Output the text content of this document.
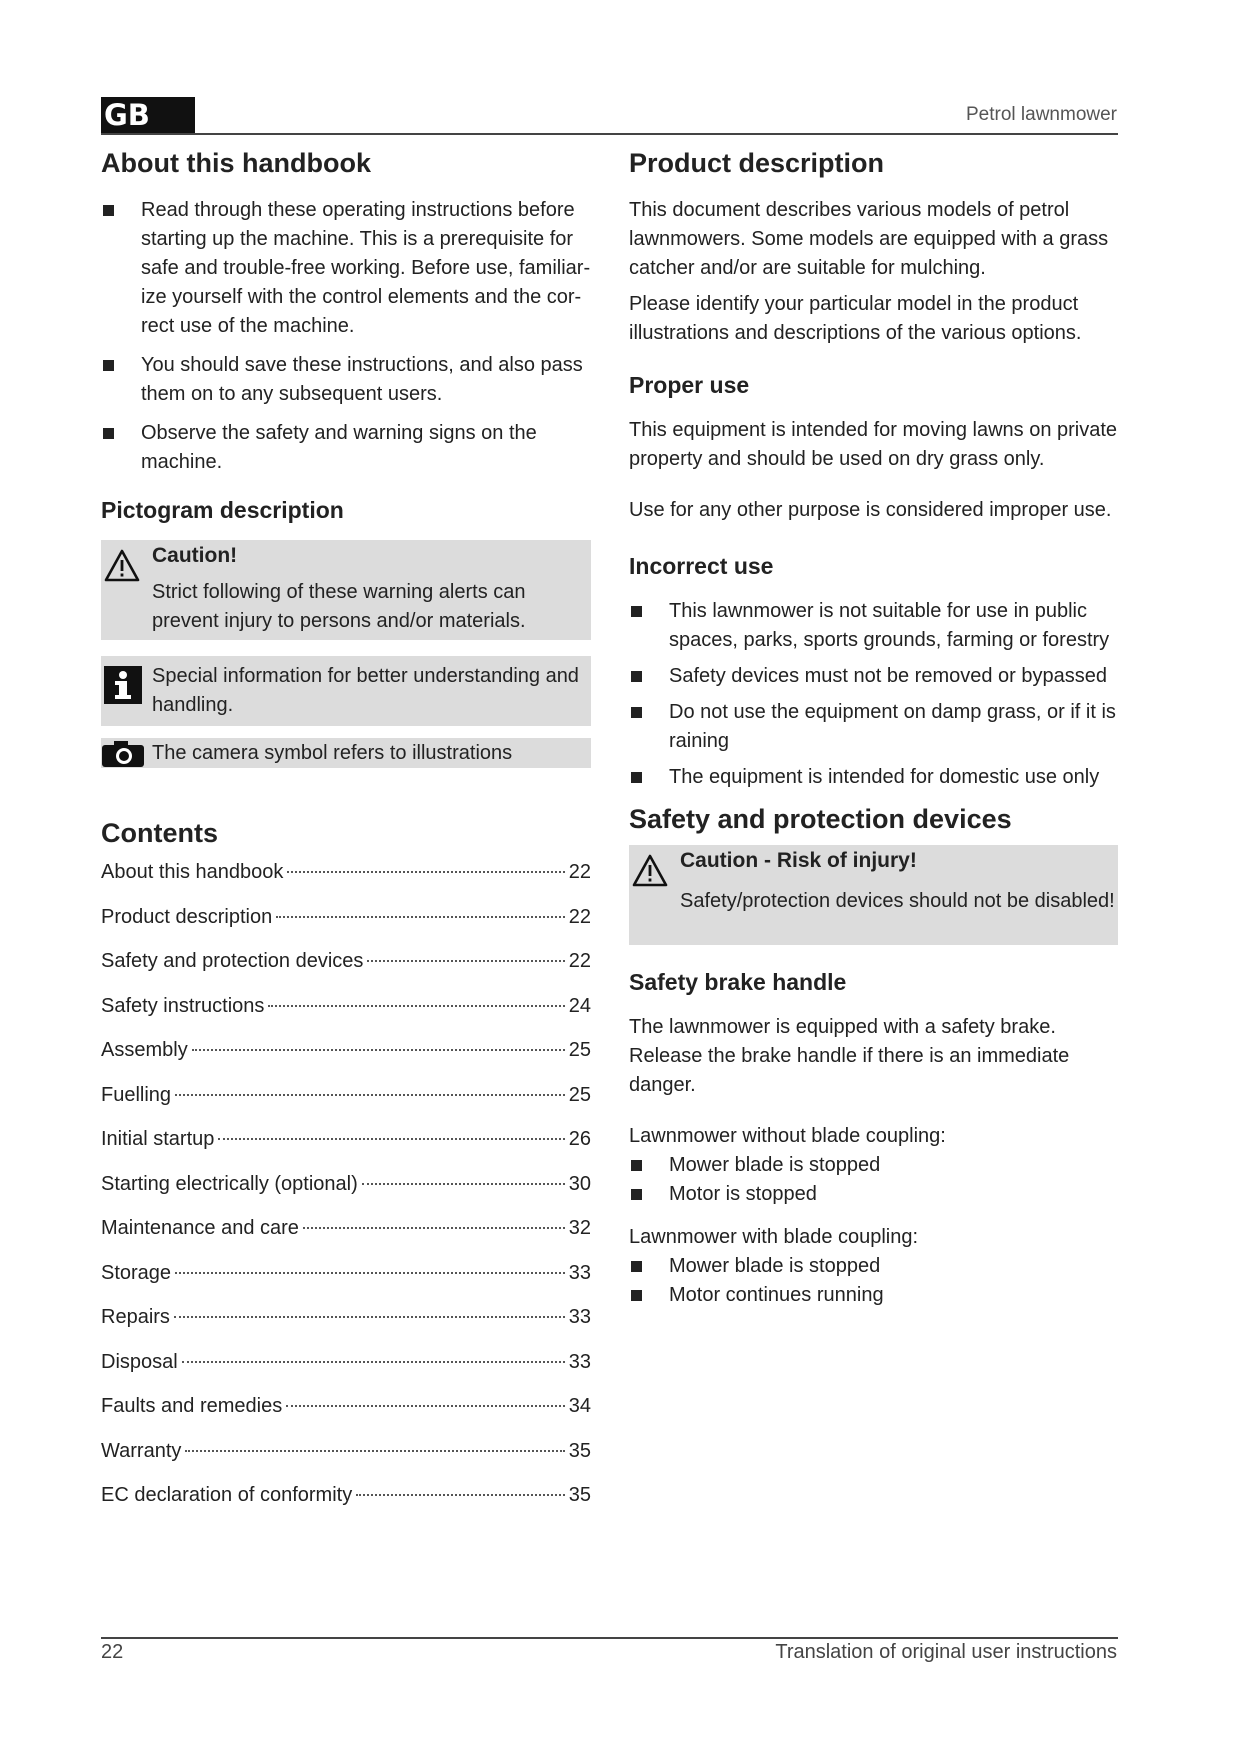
GB	Petrol lawnmower
About this handbook
Read through these operating instructions before starting up the machine. This is a prerequisite for safe and trouble-free working. Before use, familiar-ize yourself with the control elements and the cor-rect use of the machine.
You should save these instructions, and also pass them on to any subsequent users.
Observe the safety and warning signs on the machine.
Pictogram description
Caution!
Strict following of these warning alerts can prevent injury to persons and/or materials.
Special information for better understanding and handling.
The camera symbol refers to illustrations
Contents
About this handbook	22
Product description	22
Safety and protection devices	22
Safety instructions	24
Assembly	25
Fuelling	25
Initial startup	26
Starting electrically (optional)	30
Maintenance and care	32
Storage	33
Repairs	33
Disposal	33
Faults and remedies	34
Warranty	35
EC declaration of conformity	35
Product description

This document describes various models of petrol lawnmowers. Some models are equipped with a grass catcher and/or are suitable for mulching.

Please identify your particular model in the product illustrations and descriptions of the various options.

Proper use

This equipment is intended for moving lawns on private property and should be used on dry grass only.

Use for any other purpose is considered improper use.

Incorrect use
This lawnmower is not suitable for use in public spaces, parks, sports grounds, farming or forestry
Safety devices must not be removed or bypassed
Do not use the equipment on damp grass, or if it is raining
The equipment is intended for domestic use only
Safety and protection devices
Caution - Risk of injury!
Safety/protection devices should not be disabled!
Safety brake handle

The lawnmower is equipped with a safety brake. Release the brake handle if there is an immediate danger.

Lawnmower without blade coupling:

Mower blade is stopped
Motor is stopped

Lawnmower with blade coupling:

Mower blade is stopped
Motor continues running
22	Translation of original user instructions
